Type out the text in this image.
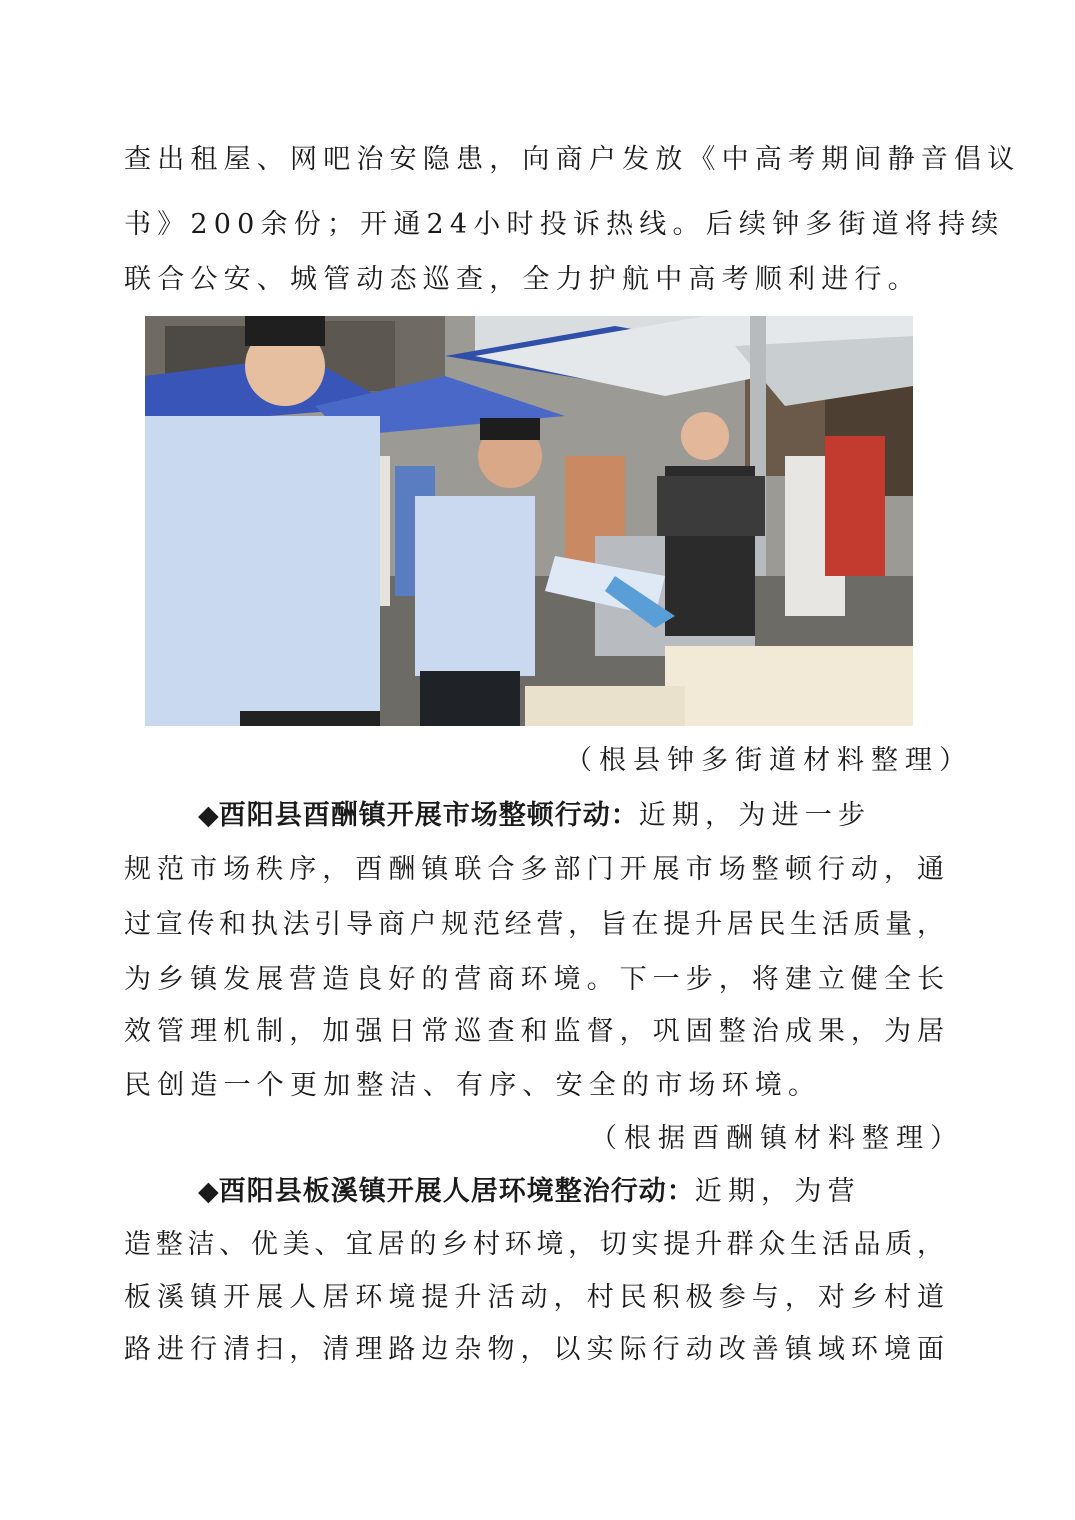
查出租屋、网吧治安隐患，向商户发放《中高考期间静音倡议
书》200余份；开通24小时投诉热线。后续钟多街道将持续
联合公安、城管动态巡查，全力护航中高考顺利进行。
（根县钟多街道材料整理）
◆酉阳县酉酬镇开展市场整顿行动：近期，为进一步
规范市场秩序，酉酬镇联合多部门开展市场整顿行动，通
过宣传和执法引导商户规范经营，旨在提升居民生活质量，
为乡镇发展营造良好的营商环境。下一步，将建立健全长
效管理机制，加强日常巡查和监督，巩固整治成果，为居
民创造一个更加整洁、有序、安全的市场环境。
（根据酉酬镇材料整理）
◆酉阳县板溪镇开展人居环境整治行动：近期，为营
造整洁、优美、宜居的乡村环境，切实提升群众生活品质，
板溪镇开展人居环境提升活动，村民积极参与，对乡村道
路进行清扫，清理路边杂物，以实际行动改善镇域环境面
